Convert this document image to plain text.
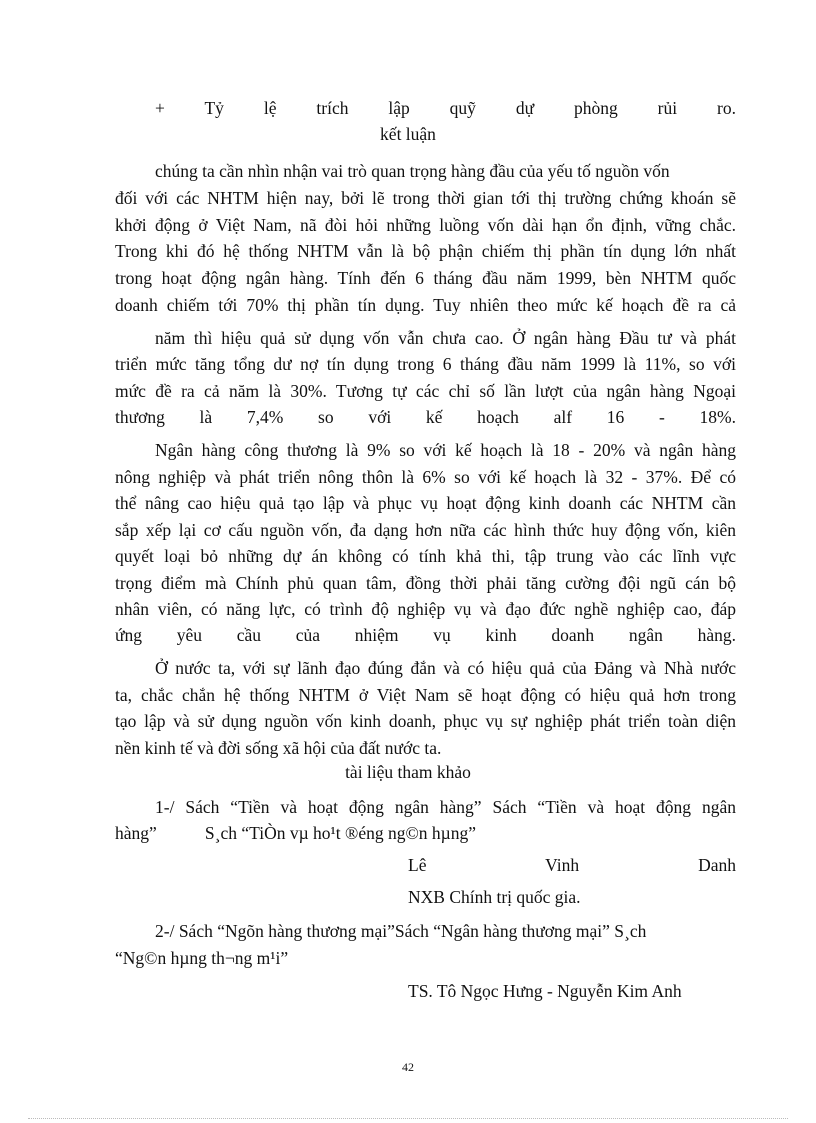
+ Tỷ lệ trích lập quỹ dự phòng rủi ro.
kết luận
chúng ta cần nhìn nhận vai trò quan trọng hàng đầu của yếu tố nguồn vốn
đối với các NHTM hiện nay, bởi lẽ trong thời gian tới thị trường chứng khoán sẽ
khởi động ở Việt Nam, nã đòi hỏi những luồng vốn dài hạn ổn định, vững chắc.
Trong khi đó hệ thống NHTM vẫn là bộ phận chiếm thị phần tín dụng lớn nhất
trong hoạt động ngân hàng. Tính đến 6 tháng đầu năm 1999, bèn NHTM quốc
doanh chiếm tới 70% thị phần tín dụng. Tuy nhiên theo mức kế hoạch đề ra cả
năm thì hiệu quả sử dụng vốn vẫn chưa cao. Ở ngân hàng Đầu tư và phát
triển mức tăng tổng dư nợ tín dụng trong 6 tháng đầu năm 1999 là 11%, so với
mức đề ra cả năm là 30%. Tương tự các chỉ số lần lượt của ngân hàng Ngoại
thương là 7,4% so với kế hoạch alf 16 - 18%.
Ngân hàng công thương là 9% so với kế hoạch là 18 - 20% và ngân hàng
nông nghiệp và phát triển nông thôn là 6% so với kế hoạch là 32 - 37%. Để có
thể nâng cao hiệu quả tạo lập và phục vụ hoạt động kinh doanh các NHTM cần
sắp xếp lại cơ cấu nguồn vốn, đa dạng hơn nữa các hình thức huy động vốn, kiên
quyết loại bỏ những dự án không có tính khả thi, tập trung vào các lĩnh vực
trọng điểm mà Chính phủ quan tâm, đồng thời phải tăng cường đội ngũ cán bộ
nhân viên, có năng lực, có trình độ nghiệp vụ và đạo đức nghề nghiệp cao, đáp
ứng yêu cầu của nhiệm vụ kinh doanh ngân hàng.
Ở nước ta, với sự lãnh đạo đúng đắn và có hiệu quả của Đảng và Nhà nước
ta, chắc chắn hệ thống NHTM ở Việt Nam sẽ hoạt động có hiệu quả hơn trong
tạo lập và sử dụng nguồn vốn kinh doanh, phục vụ sự nghiệp phát triển toàn diện
nền kinh tế và đời sống xã hội của đất nước ta.
tài liệu tham khảo
1-/ Sách “Tiền và hoạt động ngân hàng” Sách “Tiền và hoạt động ngân
hàng”           S¸ch “TiÒn vµ ho¹t ®éng ng©n hµng”
Lê Vinh Danh
NXB Chính trị quốc gia.
2-/ Sách “Ngõn hàng thương mại”Sách “Ngân hàng thương mại” S¸ch
“Ng©n hµng th¬ng m¹i”
TS. Tô Ngọc Hưng - Nguyễn Kim Anh
42
